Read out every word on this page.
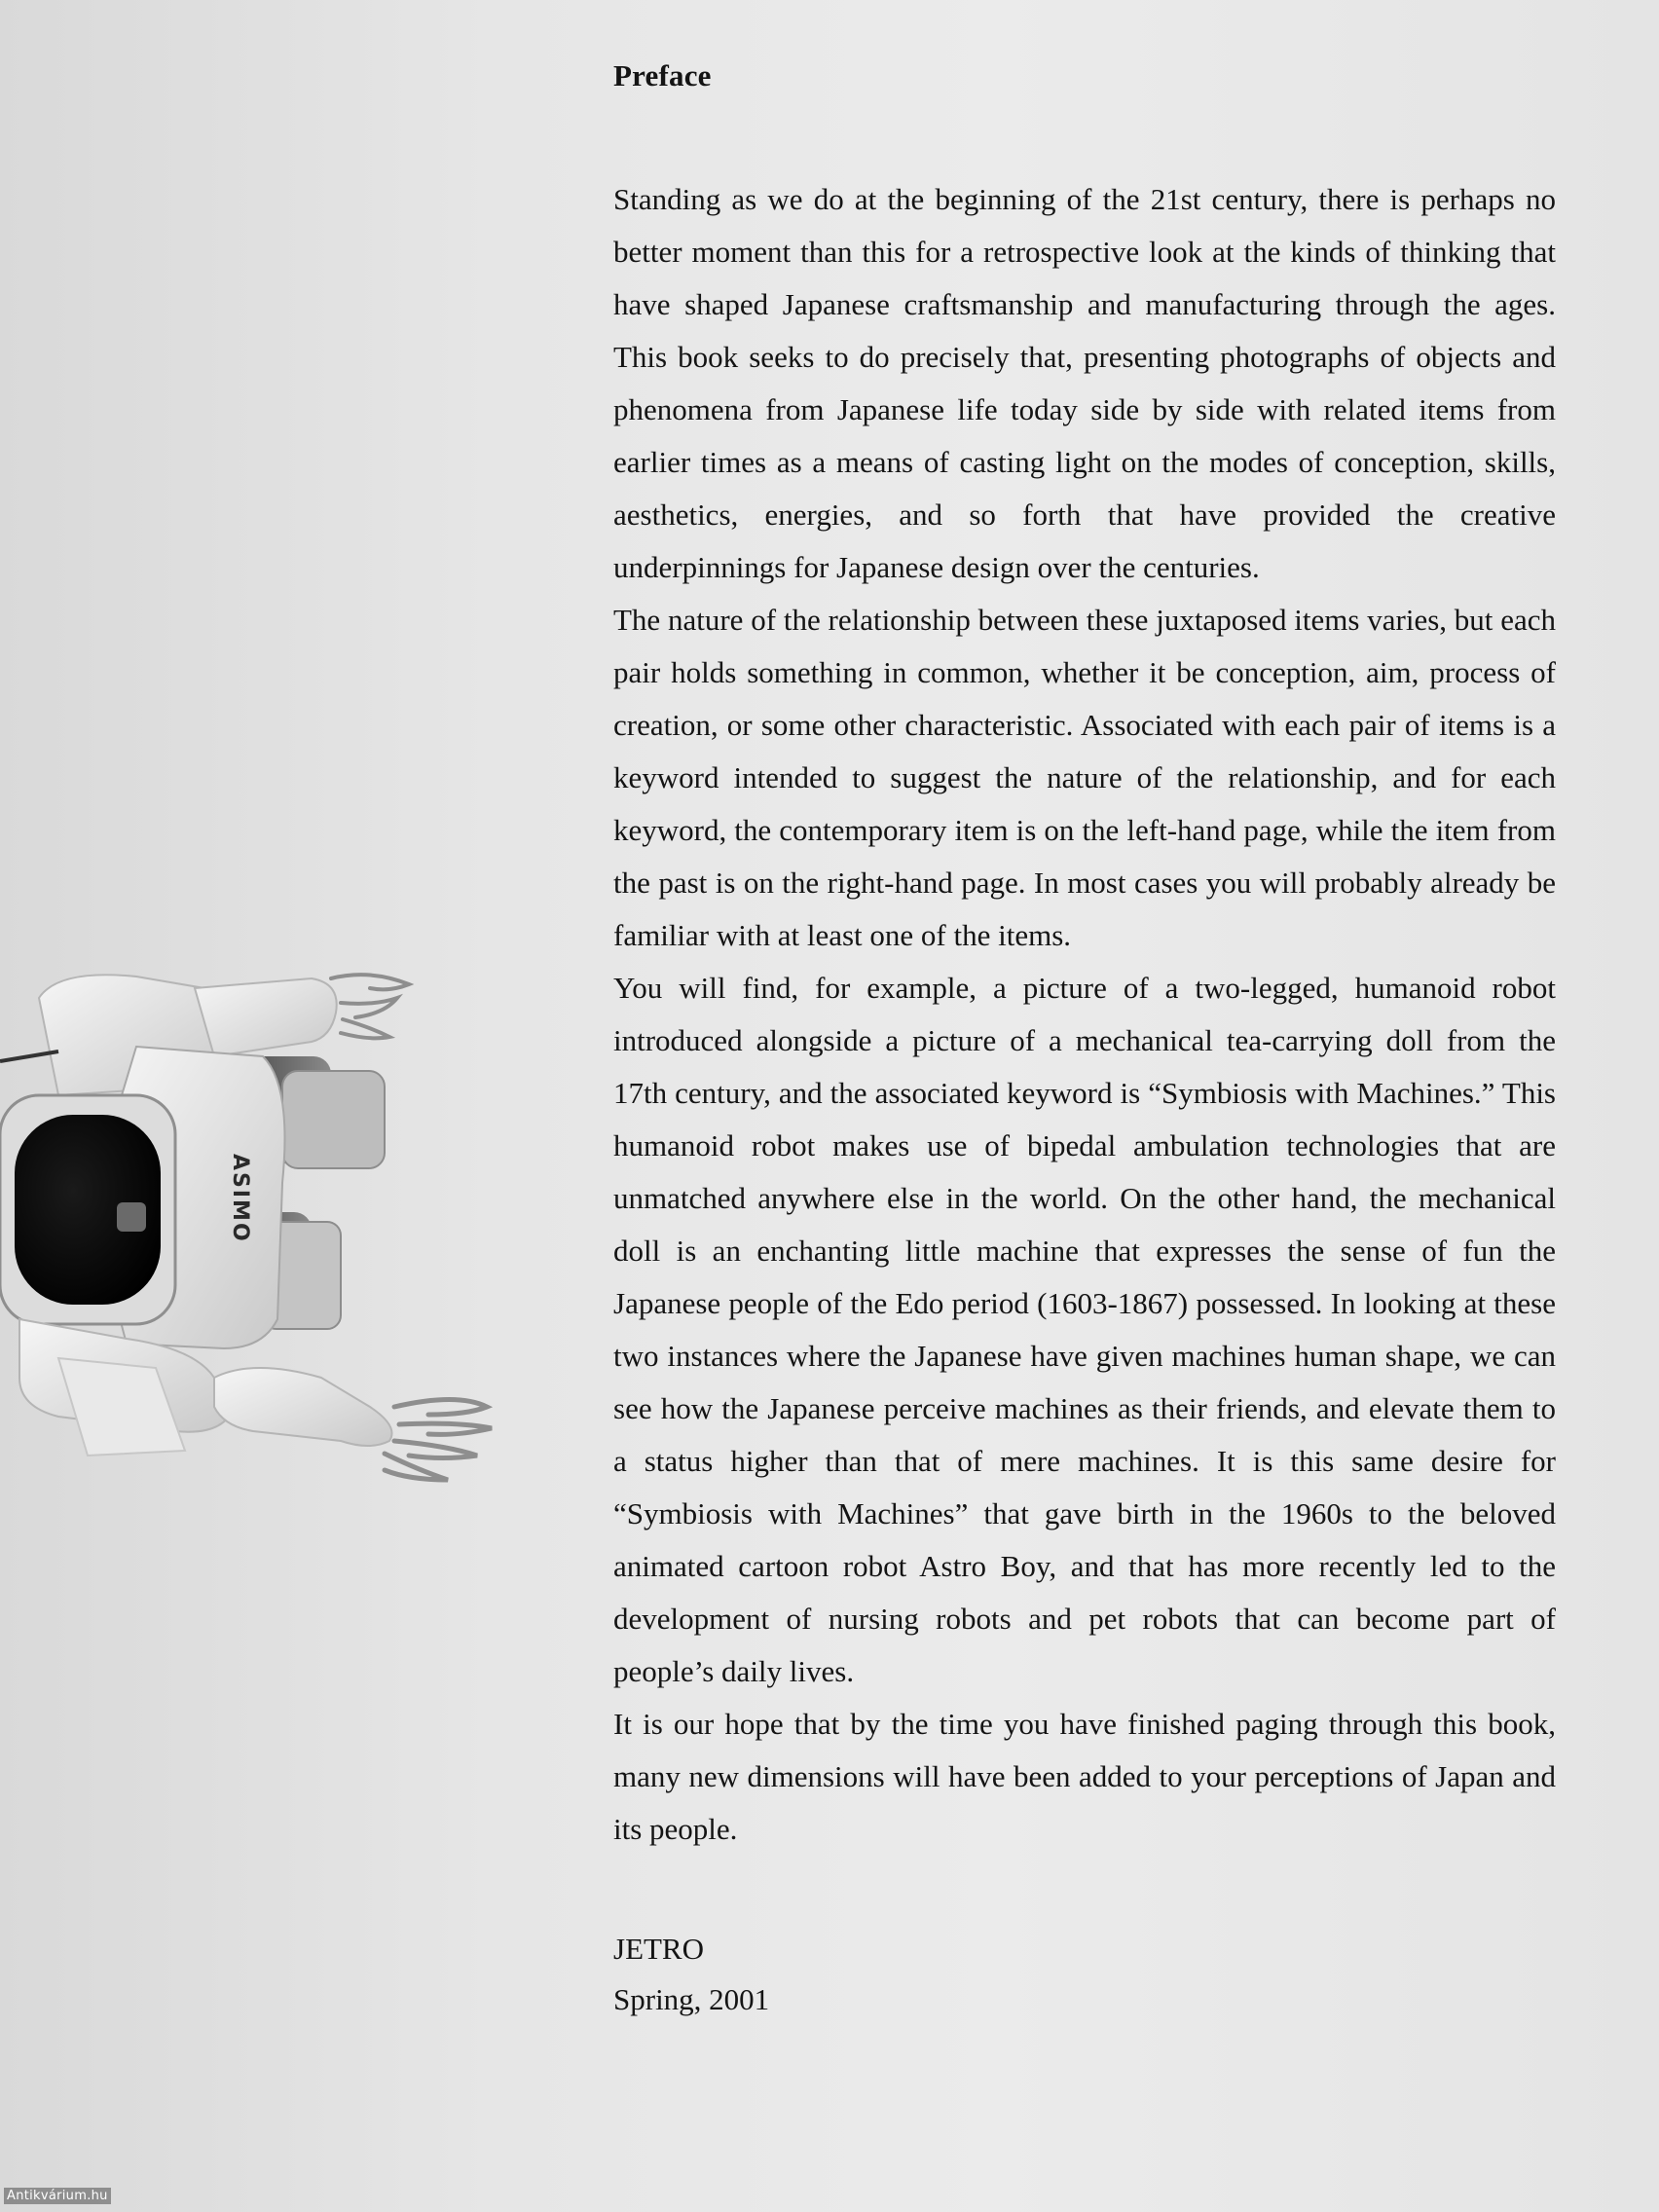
ASIMO
Preface

Standing as we do at the beginning of the 21st century, there is perhaps no better moment than this for a retrospective look at the kinds of thinking that have shaped Japanese craftsmanship and manufacturing through the ages. This book seeks to do precisely that, presenting photographs of objects and phenomena from Japanese life today side by side with related items from earlier times as a means of casting light on the modes of conception, skills, aesthetics, energies, and so forth that have provided the creative underpinnings for Japanese design over the centuries.

The nature of the relationship between these juxtaposed items varies, but each pair holds something in common, whether it be conception, aim, process of creation, or some other characteristic. Associated with each pair of items is a keyword intended to suggest the nature of the relationship, and for each keyword, the contemporary item is on the left-hand page, while the item from the past is on the right-hand page. In most cases you will probably already be familiar with at least one of the items.

You will find, for example, a picture of a two-legged, humanoid robot introduced alongside a picture of a mechanical tea-carrying doll from the 17th century, and the associated keyword is “Symbiosis with Machines.” This humanoid robot makes use of bipedal ambulation technologies that are unmatched anywhere else in the world. On the other hand, the mechanical doll is an enchanting little machine that expresses the sense of fun the Japanese people of the Edo period (1603-1867) possessed. In looking at these two instances where the Japanese have given machines human shape, we can see how the Japanese perceive machines as their friends, and elevate them to a status higher than that of mere machines. It is this same desire for “Symbiosis with Machines” that gave birth in the 1960s to the beloved animated cartoon robot Astro Boy, and that has more recently led to the development of nursing robots and pet robots that can become part of people’s daily lives.

It is our hope that by the time you have finished paging through this book, many new dimensions will have been added to your perceptions of Japan and its people.

JETRO
Spring, 2001
Antikvárium.hu
